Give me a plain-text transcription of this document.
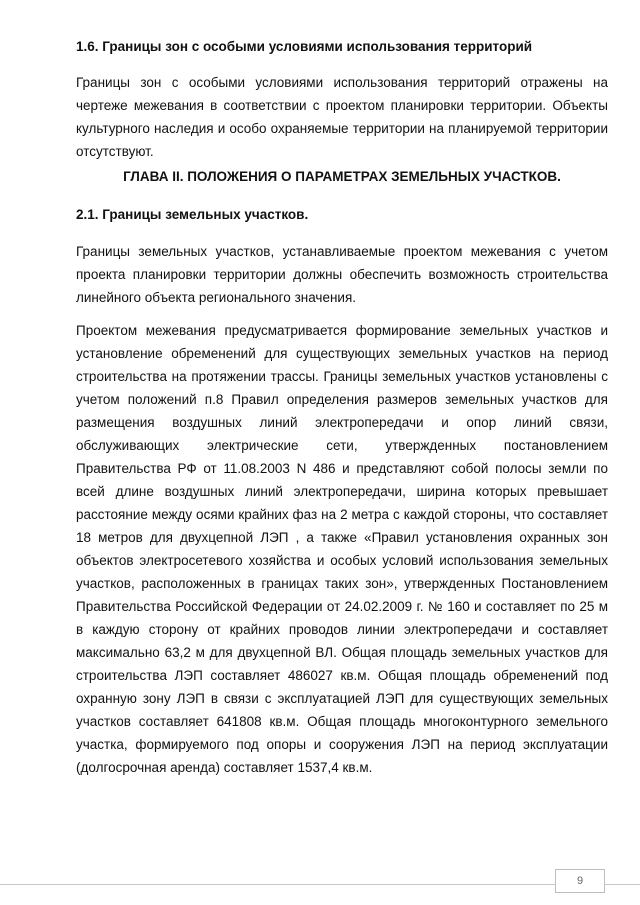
1.6. Границы зон с особыми условиями использования территорий

Границы зон с особыми условиями использования территорий отражены на чертеже межевания в соответствии с проектом планировки территории. Объекты культурного наследия и особо охраняемые территории на планируемой территории отсутствуют.

ГЛАВА II. ПОЛОЖЕНИЯ О ПАРАМЕТРАХ ЗЕМЕЛЬНЫХ УЧАСТКОВ.
2.1. Границы земельных участков.

Границы земельных участков, устанавливаемые проектом межевания с учетом проекта планировки территории должны обеспечить возможность строительства линейного объекта регионального значения.

Проектом межевания предусматривается формирование земельных участков и установление обременений для существующих земельных участков на период строительства на протяжении трассы. Границы земельных участков установлены с учетом положений п.8 Правил определения размеров земельных участков для размещения воздушных линий электропередачи и опор линий связи, обслуживающих электрические сети, утвержденных постановлением Правительства РФ от 11.08.2003 N 486 и представляют собой полосы земли по всей длине воздушных линий электропередачи, ширина которых превышает расстояние между осями крайних фаз на 2 метра с каждой стороны, что составляет 18 метров для двухцепной ЛЭП , а также «Правил установления охранных зон объектов электросетевого хозяйства и особых условий использования земельных участков, расположенных в границах таких зон», утвержденных Постановлением Правительства Российской Федерации от 24.02.2009 г. № 160 и составляет по 25 м в каждую сторону от крайних проводов линии электропередачи и составляет максимально 63,2 м для двухцепной ВЛ. Общая площадь земельных участков для строительства ЛЭП составляет 486027 кв.м. Общая площадь обременений под охранную зону ЛЭП в связи с эксплуатацией ЛЭП для существующих земельных участков составляет 641808 кв.м. Общая площадь многоконтурного земельного участка, формируемого под опоры и сооружения ЛЭП на период эксплуатации (долгосрочная аренда) составляет 1537,4 кв.м.

9
